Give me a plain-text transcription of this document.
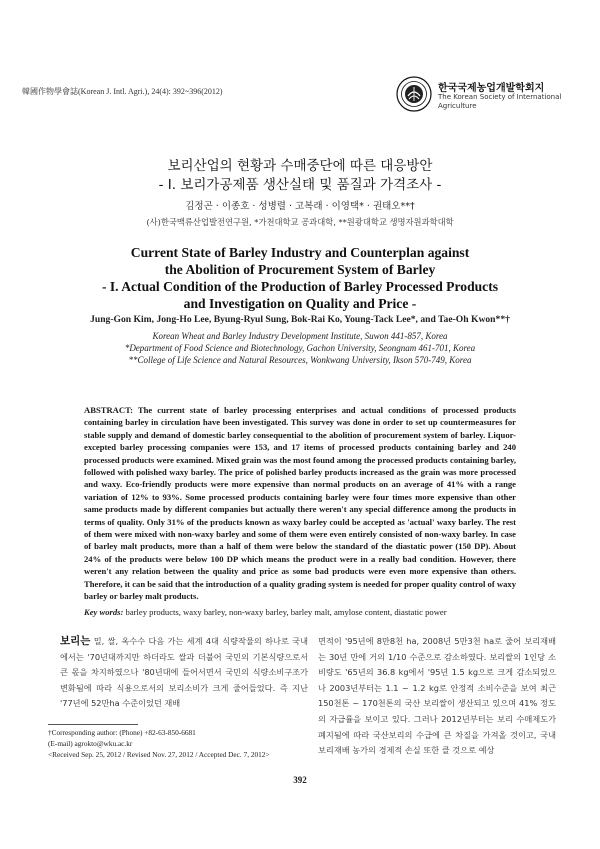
韓國作物學會誌(Korean J. Intl. Agri.), 24(4): 392~396(2012)	한국국제농업개발학회지
The Korean Society of International Agriculture
보리산업의 현황과 수매중단에 따른 대응방안
- I. 보리가공제품 생산실태 및 품질과 가격조사 -
김정곤 · 이종호 · 성병렬 · 고복래 · 이영택* · 권태오**†
(사)한국맥류산업발전연구원, *가천대학교 공과대학, **원광대학교 생명자원과학대학
Current State of Barley Industry and Counterplan against
the Abolition of Procurement System of Barley
- I. Actual Condition of the Production of Barley Processed Products
and Investigation on Quality and Price -
Jung-Gon Kim, Jong-Ho Lee, Byung-Ryul Sung, Bok-Rai Ko, Young-Tack Lee*, and Tae-Oh Kwon**†
Korean Wheat and Barley Industry Development Institute, Suwon 441-857, Korea
*Department of Food Science and Biotechnology, Gachon University, Seongnam 461-701, Korea
**College of Life Science and Natural Resources, Wonkwang University, Ikson 570-749, Korea
ABSTRACT: The current state of barley processing enterprises and actual conditions of processed products containing barley in circulation have been investigated. This survey was done in order to set up countermeasures for stable supply and demand of domestic barley consequential to the abolition of procurement system of barley. Liquor-excepted barley processing companies were 153, and 17 items of processed products containing barley and 240 processed products were examined. Mixed grain was the most found among the processed products containing barley, followed with polished waxy barley. The price of polished barley products increased as the grain was more processed and waxy. Eco-friendly products were more expensive than normal products on an average of 41% with a range variation of 12% to 93%. Some processed products containing barley were four times more expensive than other same products made by different companies but actually there weren't any special difference among the products in terms of quality. Only 31% of the products known as waxy barley could be accepted as 'actual' waxy barley. The rest of them were mixed with non-waxy barley and some of them were even entirely consisted of non-waxy barley. In case of barley malt products, more than a half of them were below the standard of the diastatic power (150 DP). About 24% of the products were below 100 DP which means the product were in a really bad condition. However, there weren't any relation between the quality and price as some bad products were even more expensive than others. Therefore, it can be said that the introduction of a quality grading system is needed for proper quality control of waxy barley or barley malt products.
Key words: barley products, waxy barley, non-waxy barley, barley malt, amylose content, diastatic power
보리는 밀, 쌀, 옥수수 다음 가는 세계 4대 식량작물의 하나로 국내에서는 '70년대까지만 하더라도 쌀과 더불어 국민의 기본식량으로서 큰 몫을 차지하였으나 '80년대에 들어서면서 국민의 식량소비구조가 변화됨에 따라 식용으로서의 보리소비가 크게 줄어들었다. 즉 지난 '77년에 52만ha 수준이었던 재배
면적이 '95년에 8만8천 ha, 2008년 5만3천 ha로 줄어 보리재배는 30년 만에 거의 1/10 수준으로 감소하였다. 보리쌀의 1인당 소비량도 '65년의 36.8 kg에서 '95년 1.5 kg으로 크게 감소되었으나 2003년부터는 1.1 ~ 1.2 kg로 안정적 소비수준을 보여 최근 150천톤 ~ 170천톤의 국산 보리쌀이 생산되고 있으며 41% 정도의 자급률을 보이고 있다. 그러나 2012년부터는 보리 수매제도가 폐지됨에 따라 국산보리의 수급에 큰 차질을 가져올 것이고, 국내 보리재배 농가의 경제적 손실 또한 클 것으로 예상
†Corresponding author: (Phone) +82-63-850-6681
(E-mail) agrokto@wku.ac.kr
<Received Sep. 25, 2012 / Revised Nov. 27, 2012 / Accepted Dec. 7, 2012>
392
